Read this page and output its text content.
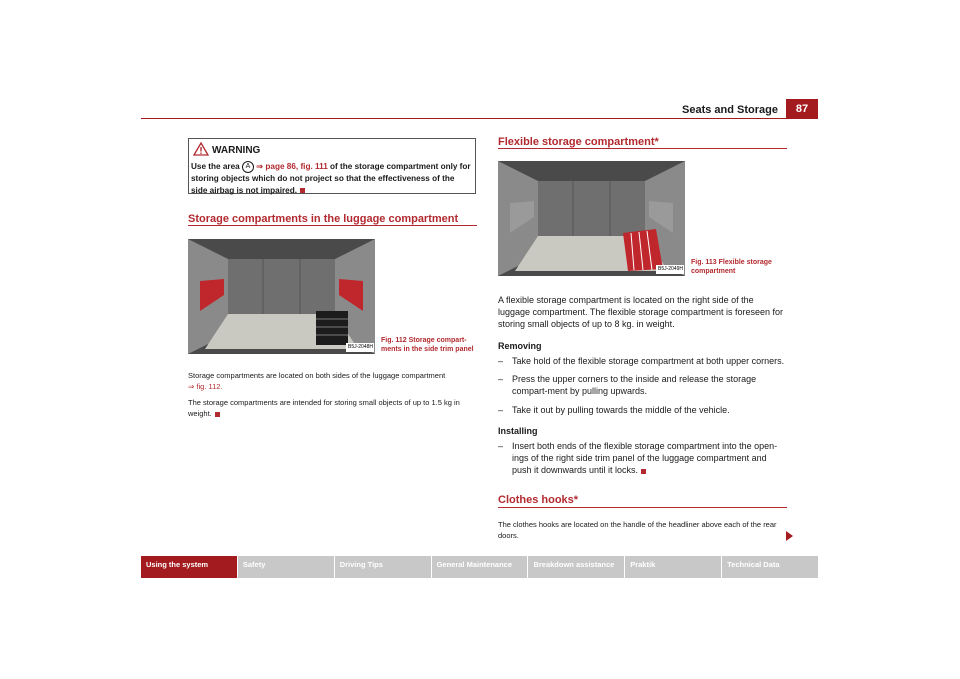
Seats and Storage	87
WARNING
Use the area A ⇒ page 86, fig. 111 of the storage compartment only for storing objects which do not project so that the effectiveness of the side airbag is not impaired.
Storage compartments in the luggage compartment
B5J-2048H
Fig. 112 Storage compart-ments in the side trim panel
Storage compartments are located on both sides of the luggage compartment
⇒ fig. 112.
The storage compartments are intended for storing small objects of up to 1.5 kg in weight.
Flexible storage compartment*
B5J-2049H
Fig. 113 Flexible storage compartment
A flexible storage compartment is located on the right side of the luggage compartment. The flexible storage compartment is foreseen for storing small objects of up to 8 kg. in weight.
Removing
– Take hold of the flexible storage compartment at both upper corners.
– Press the upper corners to the inside and release the storage compart-ment by pulling upwards.
– Take it out by pulling towards the middle of the vehicle.
Installing
– Insert both ends of the flexible storage compartment into the open-ings of the right side trim panel of the luggage compartment and push it downwards until it locks.
Clothes hooks*
The clothes hooks are located on the handle of the headliner above each of the rear doors.
Using the system	Safety	Driving Tips	General Maintenance	Breakdown assistance	Praktik	Technical Data
